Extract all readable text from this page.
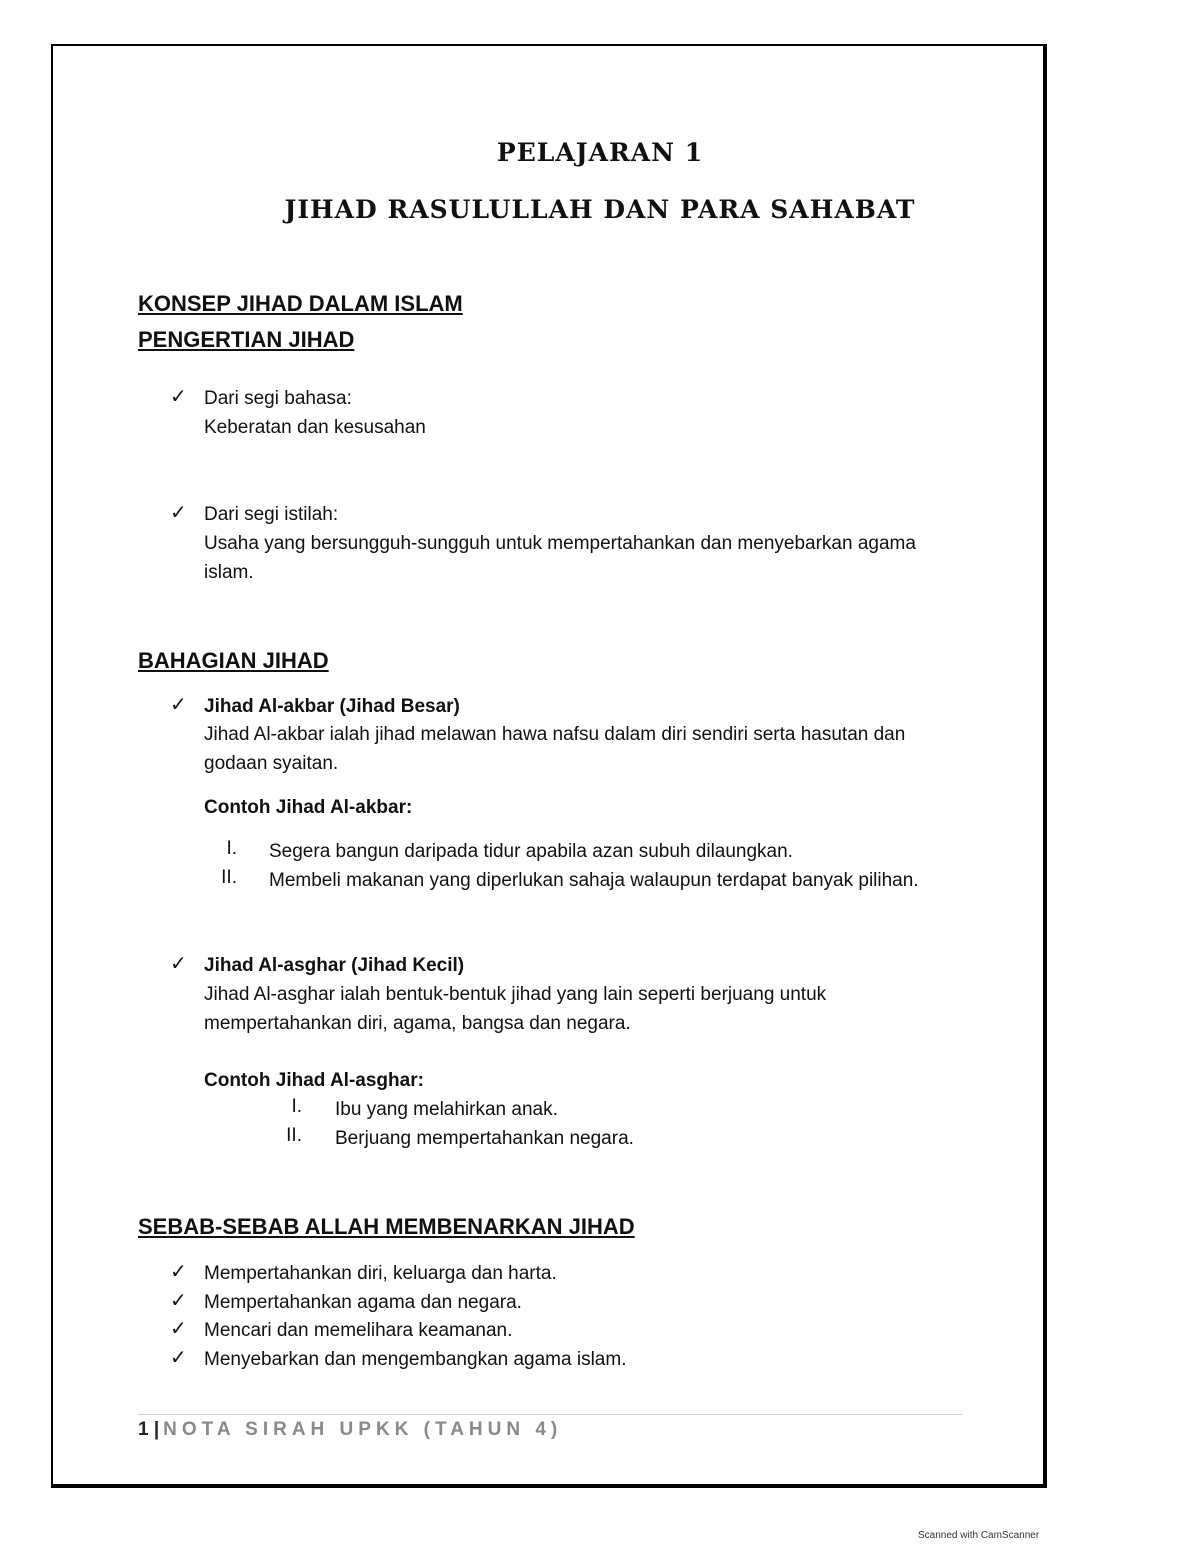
PELAJARAN 1
JIHAD RASULULLAH DAN PARA SAHABAT
KONSEP JIHAD DALAM ISLAM
PENGERTIAN JIHAD
✓ Dari segi bahasa:
Keberatan dan kesusahan
✓ Dari segi istilah:
Usaha yang bersungguh-sungguh untuk mempertahankan dan menyebarkan agama
islam.
BAHAGIAN JIHAD
✓ Jihad Al-akbar (Jihad Besar)
Jihad Al-akbar ialah jihad melawan hawa nafsu dalam diri sendiri serta hasutan dan
godaan syaitan.
Contoh Jihad Al-akbar:
I. Segera bangun daripada tidur apabila azan subuh dilaungkan.
II. Membeli makanan yang diperlukan sahaja walaupun terdapat banyak pilihan.
✓ Jihad Al-asghar (Jihad Kecil)
Jihad Al-asghar ialah bentuk-bentuk jihad yang lain seperti berjuang untuk
mempertahankan diri, agama, bangsa dan negara.
Contoh Jihad Al-asghar:
I. Ibu yang melahirkan anak.
II. Berjuang mempertahankan negara.
SEBAB-SEBAB ALLAH MEMBENARKAN JIHAD
✓ Mempertahankan diri, keluarga dan harta.
✓ Mempertahankan agama dan negara.
✓ Mencari dan memelihara keamanan.
✓ Menyebarkan dan mengembangkan agama islam.
1 | NOTA SIRAH UPKK (TAHUN 4)
Scanned with CamScanner
